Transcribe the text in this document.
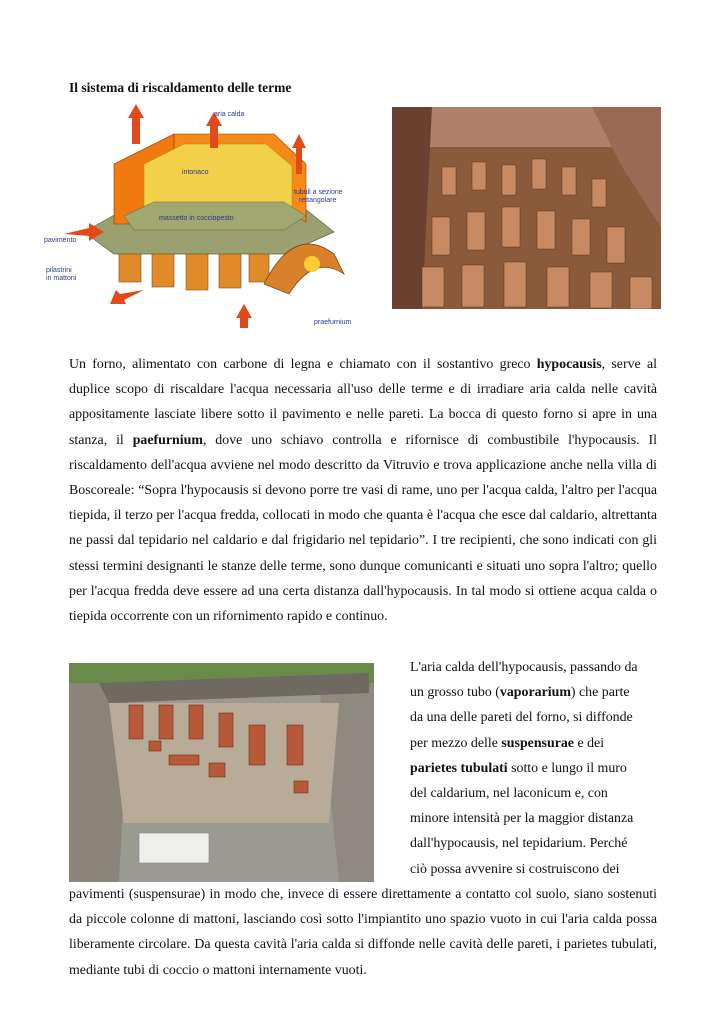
Il sistema di riscaldamento delle terme
aria calda
intonaco
massetto in cocciopesto
tubuli a sezione
rettangolare
pavimento
pilastrini
in mattoni
praefurnium

Un forno, alimentato con carbone di legna e chiamato con il sostantivo greco hypocausis, serve al duplice scopo di riscaldare l'acqua necessaria all'uso delle terme e di irradiare aria calda nelle cavità appositamente lasciate libere sotto il pavimento e nelle pareti. La bocca di questo forno si apre in una stanza, il paefurnium, dove uno schiavo controlla e rifornisce di combustibile l'hypocausis. Il riscaldamento dell'acqua avviene nel modo descritto da Vitruvio e trova applicazione anche nella villa di Boscoreale: “Sopra l'hypocausis si devono porre tre vasi di rame, uno per l'acqua calda, l'altro per l'acqua tiepida, il terzo per l'acqua fredda, collocati in modo che quanta è l'acqua che esce dal caldario, altrettanta ne passi dal tepidario nel caldario e dal frigidario nel tepidario”. I tre recipienti, che sono indicati con gli stessi termini designanti le stanze delle terme, sono dunque comunicanti e situati uno sopra l'altro; quello per l'acqua fredda deve essere ad una certa distanza dall'hypocausis. In tal modo si ottiene acqua calda o tiepida occorrente con un rifornimento rapido e continuo.

L'aria calda dell'hypocausis, passando da
un grosso tubo (vaporarium) che parte
da una delle pareti del forno, si diffonde
per mezzo delle suspensurae e dei
parietes tubulati sotto e lungo il muro
del caldarium, nel laconicum e, con
minore intensità per la maggior distanza
dall'hypocausis, nel tepidarium. Perché
ciò possa avvenire si costruiscono dei

pavimenti (suspensurae) in modo che, invece di essere direttamente a contatto col suolo, siano sostenuti da piccole colonne di mattoni, lasciando così sotto l'impiantito uno spazio vuoto in cui l'aria calda possa liberamente circolare. Da questa cavità l'aria calda si diffonde nelle cavità delle pareti, i parietes tubulati, mediante tubi di coccio o mattoni internamente vuoti.
